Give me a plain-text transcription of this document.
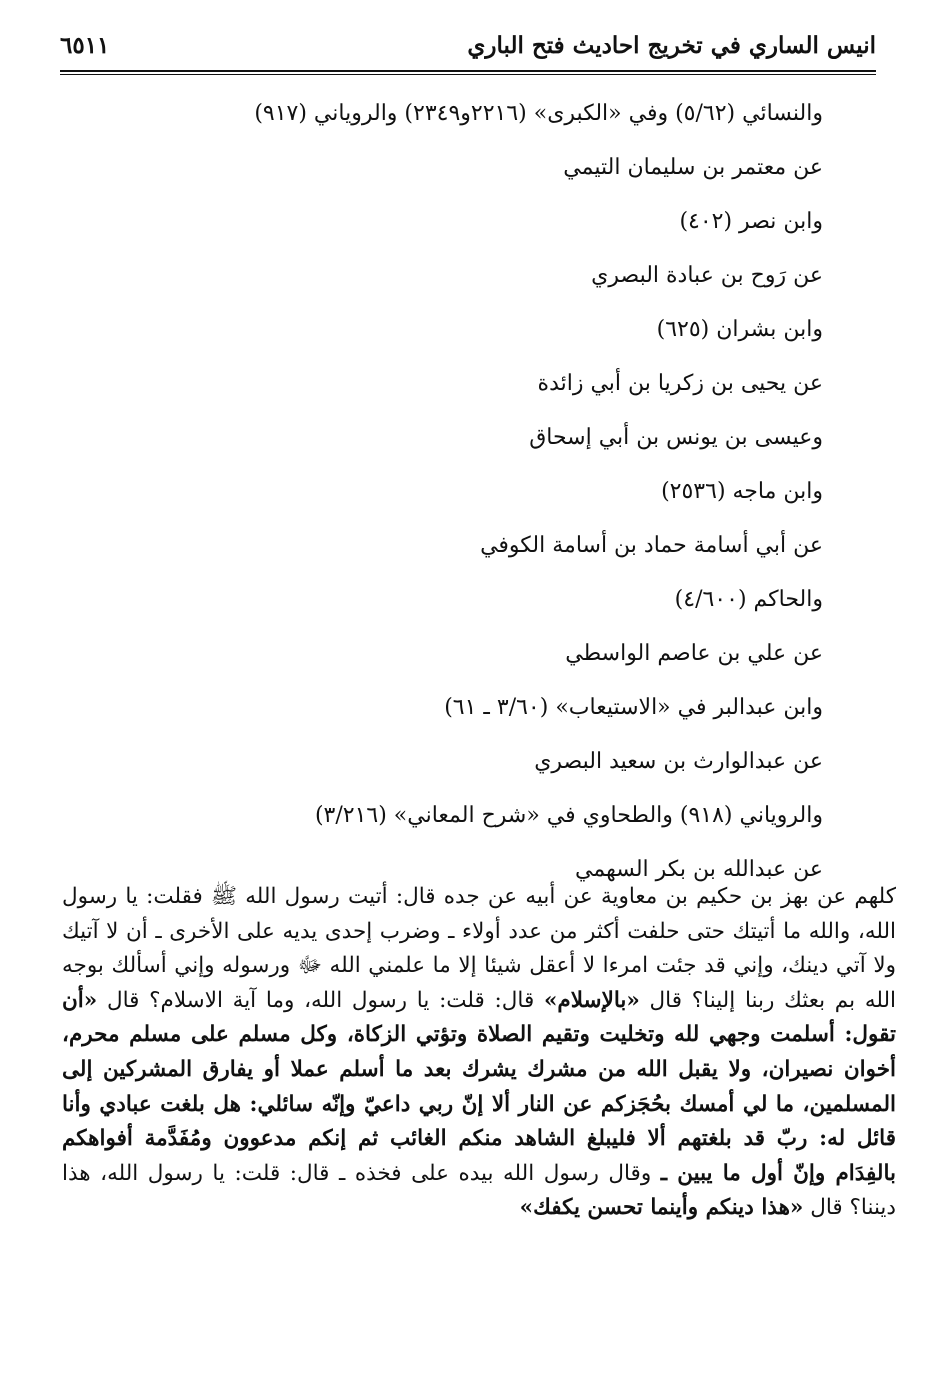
انيس الساري في تخريج احاديث فتح الباري
٦٥١١
والنسائي (٥/٦٢) وفي «الكبرى» (٢٢١٦و٢٣٤٩) والروياني (٩١٧)
عن معتمر بن سليمان التيمي
وابن نصر (٤٠٢)
عن رَوح بن عبادة البصري
وابن بشران (٦٢٥)
عن يحيى بن زكريا بن أبي زائدة
وعيسى بن يونس بن أبي إسحاق
وابن ماجه (٢٥٣٦)
عن أبي أسامة حماد بن أسامة الكوفي
والحاكم (٤/٦٠٠)
عن علي بن عاصم الواسطي
وابن عبدالبر في «الاستيعاب» (٣/٦٠ ـ ٦١)
عن عبدالوارث بن سعيد البصري
والروياني (٩١٨) والطحاوي في «شرح المعاني» (٣/٢١٦)
عن عبدالله بن بكر السهمي

كلهم عن بهز بن حكيم بن معاوية عن أبيه عن جده قال: أتيت رسول الله ﷺ فقلت: يا رسول الله، والله ما أتيتك حتى حلفت أكثر من عدد أولاء ـ وضرب إحدى يديه على الأخرى ـ أن لا آتيك ولا آتي دينك، وإني قد جئت امرءا لا أعقل شيئا إلا ما علمني الله ﷻ ورسوله وإني أسألك بوجه الله بم بعثك ربنا إلينا؟ قال «بالإسلام» قال: قلت: يا رسول الله، وما آية الاسلام؟ قال «أن تقول: أسلمت وجهي لله وتخليت وتقيم الصلاة وتؤتي الزكاة، وكل مسلم على مسلم محرم، أخوان نصيران، ولا يقبل الله من مشرك يشرك بعد ما أسلم عملا أو يفارق المشركين إلى المسلمين، ما لي أمسك بحُجَزكم عن النار ألا إنّ ربي داعيّ وإنّه سائلي: هل بلغت عبادي وأنا قائل له: ربّ قد بلغتهم ألا فليبلغ الشاهد منكم الغائب ثم إنكم مدعوون ومُفَدَّمة أفواهكم بالفِدَام وإنّ أول ما يبين ـ وقال رسول الله بيده على فخذه ـ قال: قلت: يا رسول الله، هذا ديننا؟ قال «هذا دينكم وأينما تحسن يكفك»
